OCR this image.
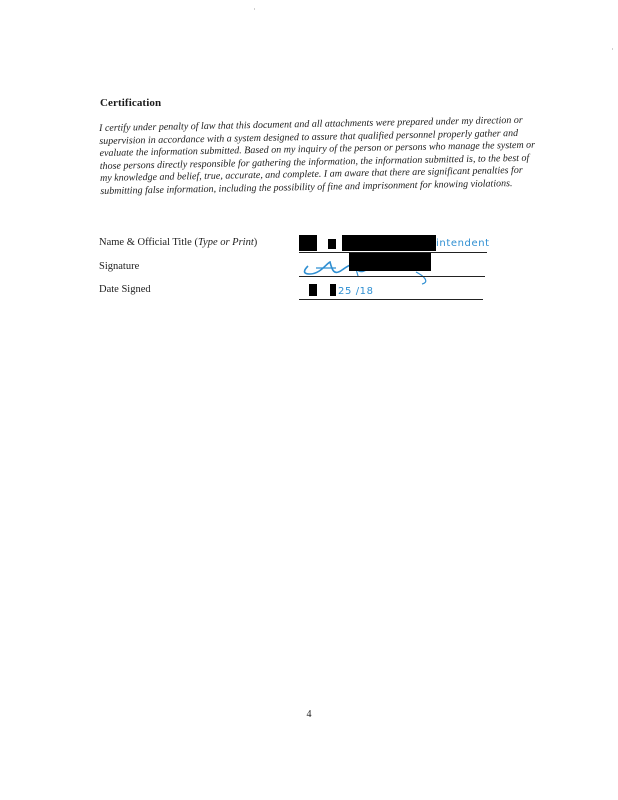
Certification
I certify under penalty of law that this document and all attachments were prepared under my direction or supervision in accordance with a system designed to assure that qualified personnel properly gather and evaluate the information submitted. Based on my inquiry of the person or persons who manage the system or those persons directly responsible for gathering the information, the information submitted is, to the best of my knowledge and belief, true, accurate, and complete. I am aware that there are significant penalties for submitting false information, including the possibility of fine and imprisonment for knowing violations.
Name & Official Title (Type or Print)	intendent
Signature
Date Signed	25 /18
4
